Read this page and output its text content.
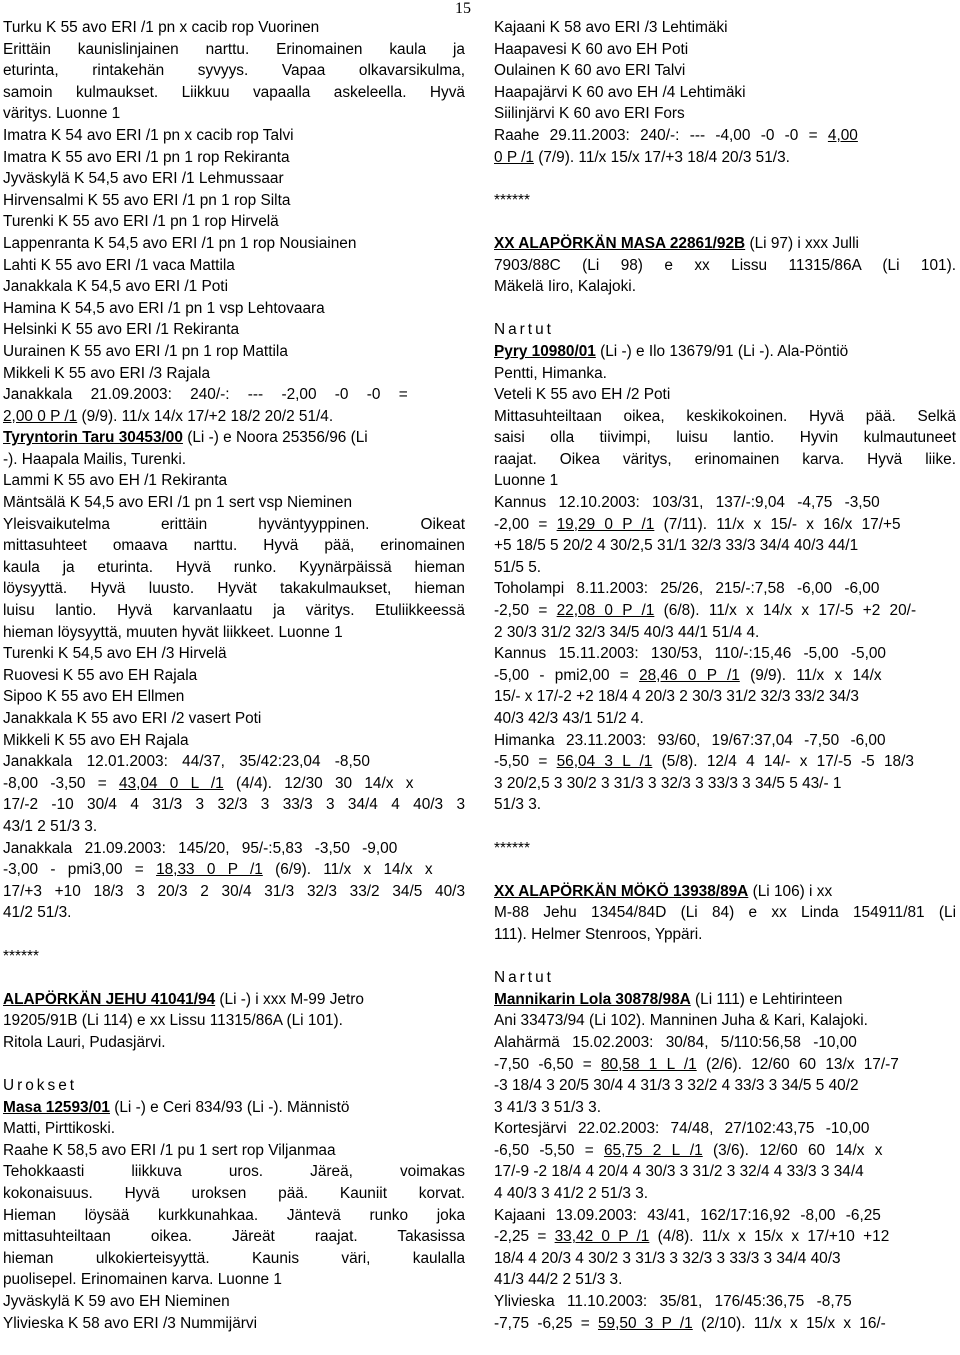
15
Turku K 55 avo ERI /1 pn x cacib rop Vuorinen
Erittäin kaunislinjainen narttu. Erinomainen kaula ja
eturinta, rintakehän syvyys. Vapaa olkavarsikulma,
samoin kulmaukset. Liikkuu vapaalla askeleella. Hyvä
väritys. Luonne 1
Imatra K 54 avo ERI /1 pn x cacib rop Talvi
Imatra K 55 avo ERI /1 pn 1 rop Rekiranta
Jyväskylä K 54,5 avo ERI /1 Lehmussaar
Hirvensalmi K 55 avo ERI /1 pn 1 rop Silta
Turenki K 55 avo ERI /1 pn 1 rop Hirvelä
Lappenranta K 54,5 avo ERI /1 pn 1 rop Nousiainen
Lahti K 55 avo ERI /1 vaca Mattila
Janakkala K 54,5 avo ERI /1 Poti
Hamina K 54,5 avo ERI /1 pn 1 vsp Lehtovaara
Helsinki K 55 avo ERI /1 Rekiranta
Uurainen K 55 avo ERI /1 pn 1 rop Mattila
Mikkeli K 55 avo ERI /3 Rajala
Janakkala 21.09.2003: 240/-: --- -2,00 -0 -0 =
2,00 0 P /1 (9/9). 11/x 14/x 17/+2 18/2 20/2 51/4.
Tyryntorin Taru 30453/00 (Li -) e Noora 25356/96 (Li
-). Haapala Mailis, Turenki.
Lammi K 55 avo EH /1 Rekiranta
Mäntsälä K 54,5 avo ERI /1 pn 1 sert vsp Nieminen
Yleisvaikutelma erittäin hyväntyyppinen. Oikeat
mittasuhteet omaava narttu. Hyvä pää, erinomainen
kaula ja eturinta. Hyvä runko. Kyynärpäissä hieman
löysyyttä. Hyvä luusto. Hyvät takakulmaukset, hieman
luisu lantio. Hyvä karvanlaatu ja väritys. Etuliikkeessä
hieman löysyyttä, muuten hyvät liikkeet. Luonne 1
Turenki K 54,5 avo EH /3 Hirvelä
Ruovesi K 55 avo EH Rajala
Sipoo K 55 avo EH Ellmen
Janakkala K 55 avo ERI /2 vasert Poti
Mikkeli K 55 avo EH Rajala
Janakkala 12.01.2003: 44/37, 35/42:23,04 -8,50
-8,00 -3,50 = 43,04 0 L /1 (4/4). 12/30 30 14/x x
17/-2 -10 30/4 4 31/3 3 32/3 3 33/3 3 34/4 4 40/3 3
43/1 2 51/3 3.
Janakkala 21.09.2003: 145/20, 95/-:5,83 -3,50 -9,00
-3,00 - pmi3,00 = 18,33 0 P /1 (6/9). 11/x x 14/x x
17/+3 +10 18/3 3 20/3 2 30/4 31/3 32/3 33/2 34/5 40/3
41/2 51/3.
******
ALAPÖRKÄN JEHU 41041/94 (Li -) i xxx M-99 Jetro
19205/91B (Li 114) e xx Lissu 11315/86A (Li 101).
Ritola Lauri, Pudasjärvi.
Urokset
Masa 12593/01 (Li -) e Ceri 834/93 (Li -). Männistö
Matti, Pirttikoski.
Raahe K 58,5 avo ERI /1 pu 1 sert rop Viljanmaa
Tehokkaasti liikkuva uros. Järeä, voimakas
kokonaisuus. Hyvä uroksen pää. Kauniit korvat.
Hieman löysää kurkkunahkaa. Jäntevä runko joka
mittasuhteiltaan oikea. Järeät raajat. Takasissa
hieman ulkokierteisyyttä. Kaunis väri, kaulalla
puolisepel. Erinomainen karva. Luonne 1
Jyväskylä K 59 avo EH Nieminen
Ylivieska K 58 avo ERI /3 Nummijärvi
Kajaani K 58 avo ERI /3 Lehtimäki
Haapavesi K 60 avo EH Poti
Oulainen K 60 avo ERI Talvi
Haapajärvi K 60 avo EH /4 Lehtimäki
Siilinjärvi K 60 avo ERI Fors
Raahe 29.11.2003: 240/-: --- -4,00 -0 -0 = 4,00
0 P /1 (7/9). 11/x 15/x 17/+3 18/4 20/3 51/3.
******
XX ALAPÖRKÄN MASA 22861/92B (Li 97) i xxx Julli
7903/88C (Li 98) e xx Lissu 11315/86A (Li 101).
Mäkelä Iiro, Kalajoki.
Nartut
Pyry 10980/01 (Li -) e Ilo 13679/91 (Li -). Ala-Pöntiö
Pentti, Himanka.
Veteli K 55 avo EH /2 Poti
Mittasuhteiltaan oikea, keskikokoinen. Hyvä pää. Selkä
saisi olla tiivimpi, luisu lantio. Hyvin kulmautuneet
raajat. Oikea väritys, erinomainen karva. Hyvä liike.
Luonne 1
Kannus 12.10.2003: 103/31, 137/-:9,04 -4,75 -3,50
-2,00 = 19,29 0 P /1 (7/11). 11/x x 15/- x 16/x 17/+5
+5 18/5 5 20/2 4 30/2,5 31/1 32/3 33/3 34/4 40/3 44/1
51/5 5.
Toholampi 8.11.2003: 25/26, 215/-:7,58 -6,00 -6,00
-2,50 = 22,08 0 P /1 (6/8). 11/x x 14/x x 17/-5 +2 20/-
2 30/3 31/2 32/3 34/5 40/3 44/1 51/4 4.
Kannus 15.11.2003: 130/53, 110/-:15,46 -5,00 -5,00
-5,00 - pmi2,00 = 28,46 0 P /1 (9/9). 11/x x 14/x
15/- x 17/-2 +2 18/4 4 20/3 2 30/3 31/2 32/3 33/2 34/3
40/3 42/3 43/1 51/2 4.
Himanka 23.11.2003: 93/60, 19/67:37,04 -7,50 -6,00
-5,50 = 56,04 3 L /1 (5/8). 12/4 4 14/- x 17/-5 -5 18/3
3 20/2,5 3 30/2 3 31/3 3 32/3 3 33/3 3 34/5 5 43/- 1
51/3 3.
******
XX ALAPÖRKÄN MÖKÖ 13938/89A (Li 106) i xx
M-88 Jehu 13454/84D (Li 84) e xx Linda 154911/81 (Li
111). Helmer Stenroos, Yppäri.
Nartut
Mannikarin Lola 30878/98A (Li 111) e Lehtirinteen
Ani 33473/94 (Li 102). Manninen Juha & Kari, Kalajoki.
Alahärmä 15.02.2003: 30/84, 5/110:56,58 -10,00
-7,50 -6,50 = 80,58 1 L /1 (2/6). 12/60 60 13/x 17/-7
-3 18/4 3 20/5 30/4 4 31/3 3 32/2 4 33/3 3 34/5 5 40/2
3 41/3 3 51/3 3.
Kortesjärvi 22.02.2003: 74/48, 27/102:43,75 -10,00
-6,50 -5,50 = 65,75 2 L /1 (3/6). 12/60 60 14/x x
17/-9 -2 18/4 4 20/4 4 30/3 3 31/2 3 32/4 4 33/3 3 34/4
4 40/3 3 41/2 2 51/3 3.
Kajaani 13.09.2003: 43/41, 162/17:16,92 -8,00 -6,25
-2,25 = 33,42 0 P /1 (4/8). 11/x x 15/x x 17/+10 +12
18/4 4 20/3 4 30/2 3 31/3 3 32/3 3 33/3 3 34/4 40/3
41/3 44/2 2 51/3 3.
Ylivieska 11.10.2003: 35/81, 176/45:36,75 -8,75
-7,75 -6,25 = 59,50 3 P /1 (2/10). 11/x x 15/x x 16/-
